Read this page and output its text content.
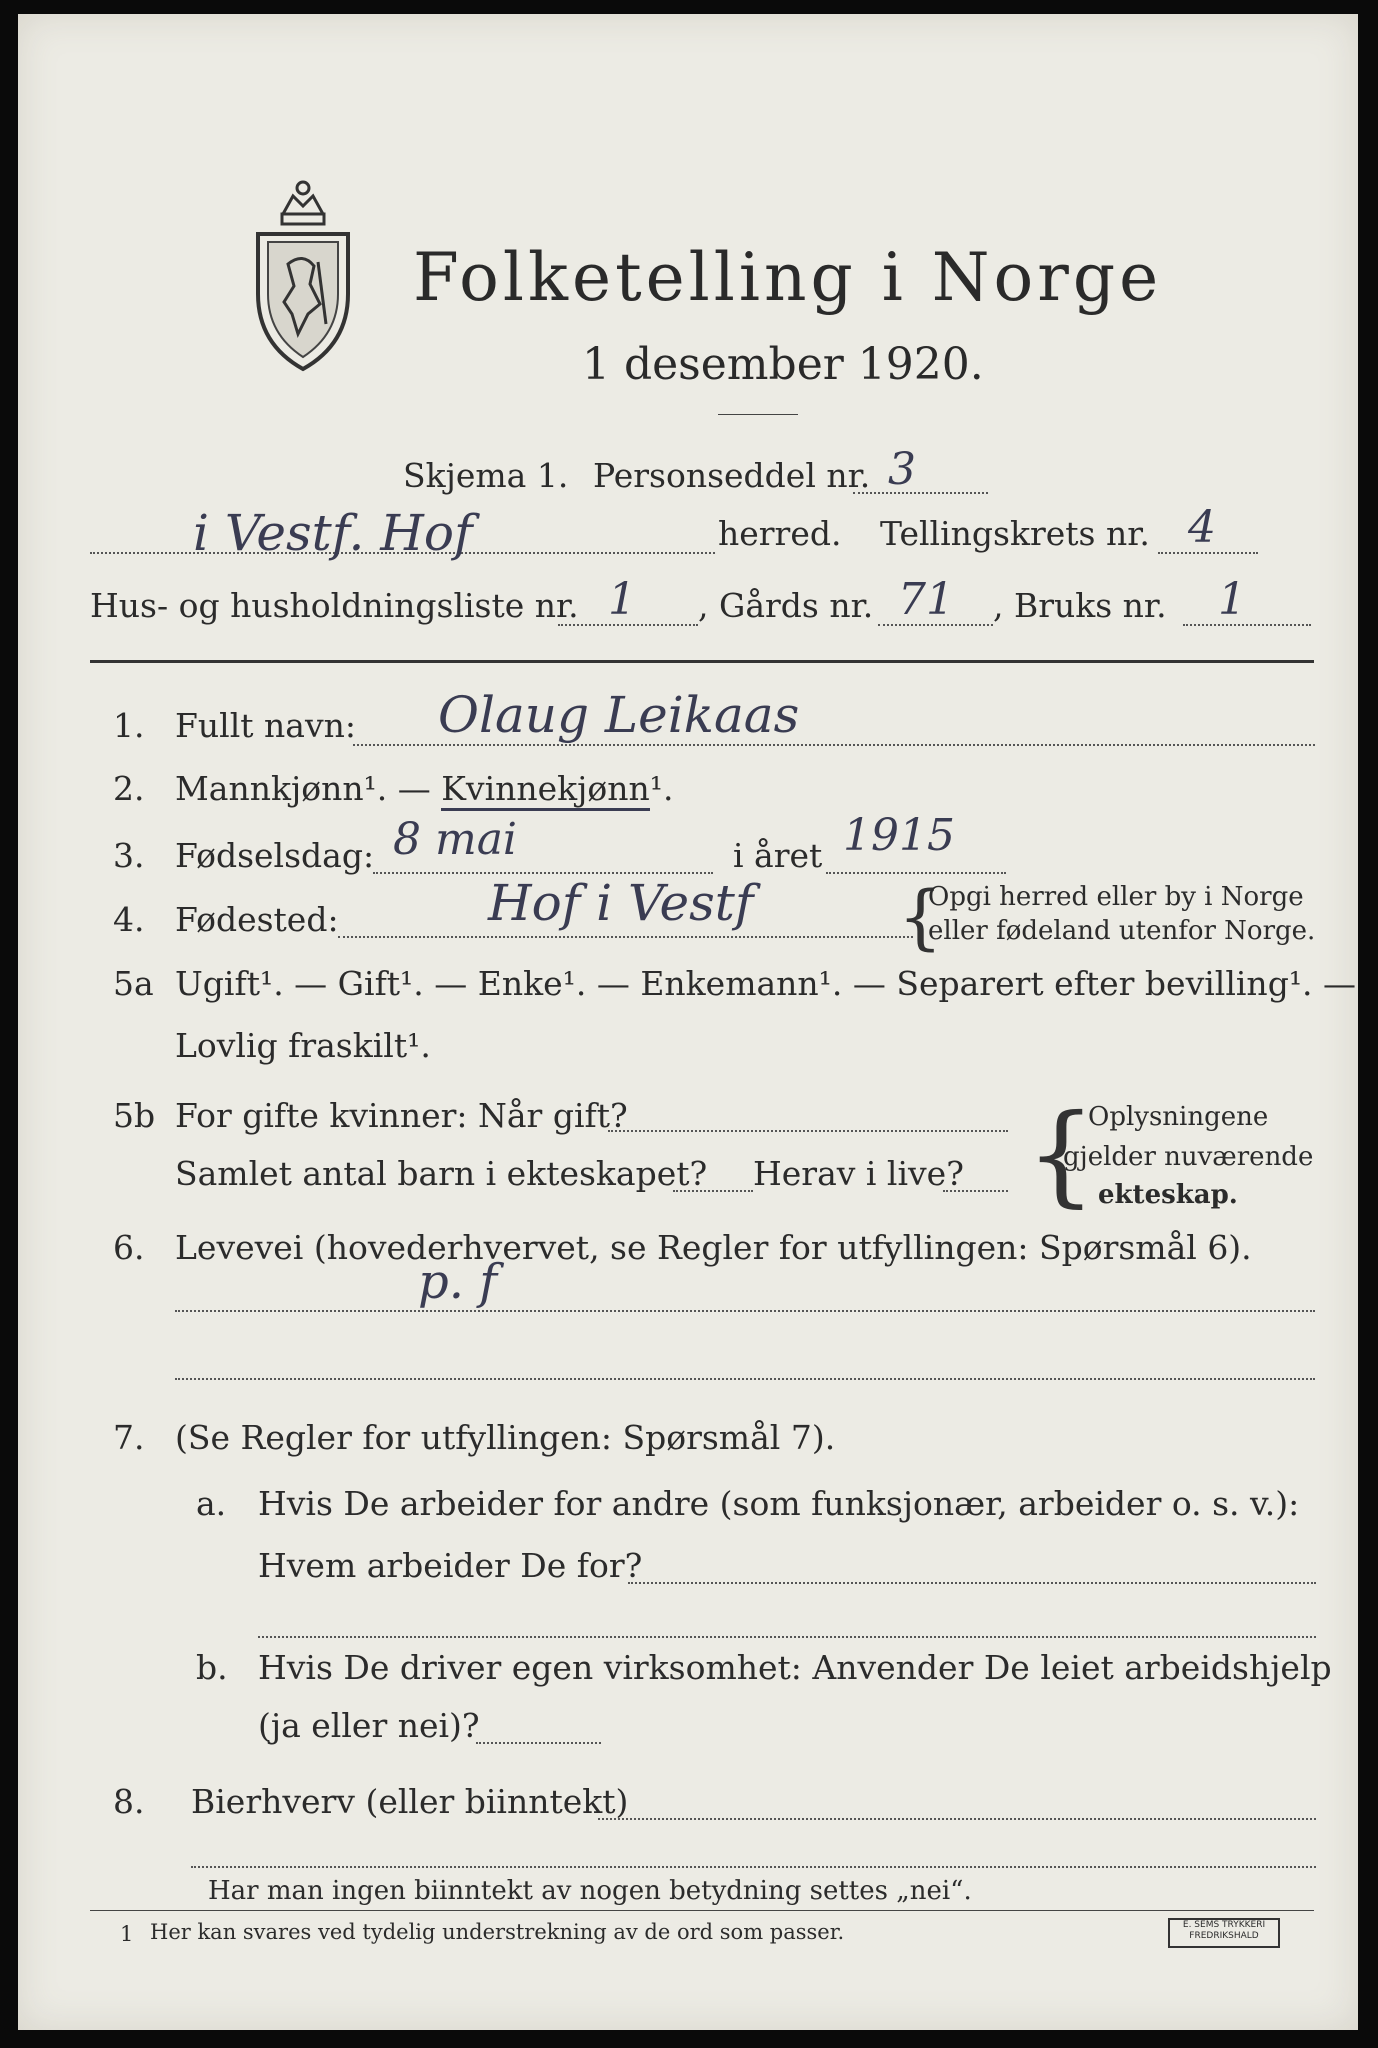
Folketelling i Norge
1 desember 1920.
Skjema 1. Personseddel nr. 3
i Vestf. Hof	herred. Tellingskrets nr. 4
Hus- og husholdningsliste nr. 1 , Gårds nr. 71 , Bruks nr. 1
1. Fullt navn: Olaug Leikaas
2. Mannkjønn¹. — Kvinnekjønn¹.
3. Fødselsdag: 8 mai	i året 1915
4. Fødested:	Hof i Vestf {
Opgi herred eller by i Norge
eller fødeland utenfor Norge.
5a Ugift¹. — Gift¹. — Enke¹. — Enkemann¹. — Separert efter bevilling¹. —
Lovlig fraskilt¹.
5b For gifte kvinner: Når gift?
Samlet antal barn i ekteskapet? Herav i live? {
Oplysningene
gjelder nuværende
ekteskap.
6. Levevei (hovederhvervet, se Regler for utfyllingen: Spørsmål 6).
p. f
7. (Se Regler for utfyllingen: Spørsmål 7).
a. Hvis De arbeider for andre (som funksjonær, arbeider o. s. v.):
Hvem arbeider De for?
b. Hvis De driver egen virksomhet: Anvender De leiet arbeidshjelp
(ja eller nei)?
8. Bierhverv (eller biinntekt)
Har man ingen biinntekt av nogen betydning settes „nei“.
1 Her kan svares ved tydelig understrekning av de ord som passer.	E. SEMS TRYKKERI FREDRIKSHALD
